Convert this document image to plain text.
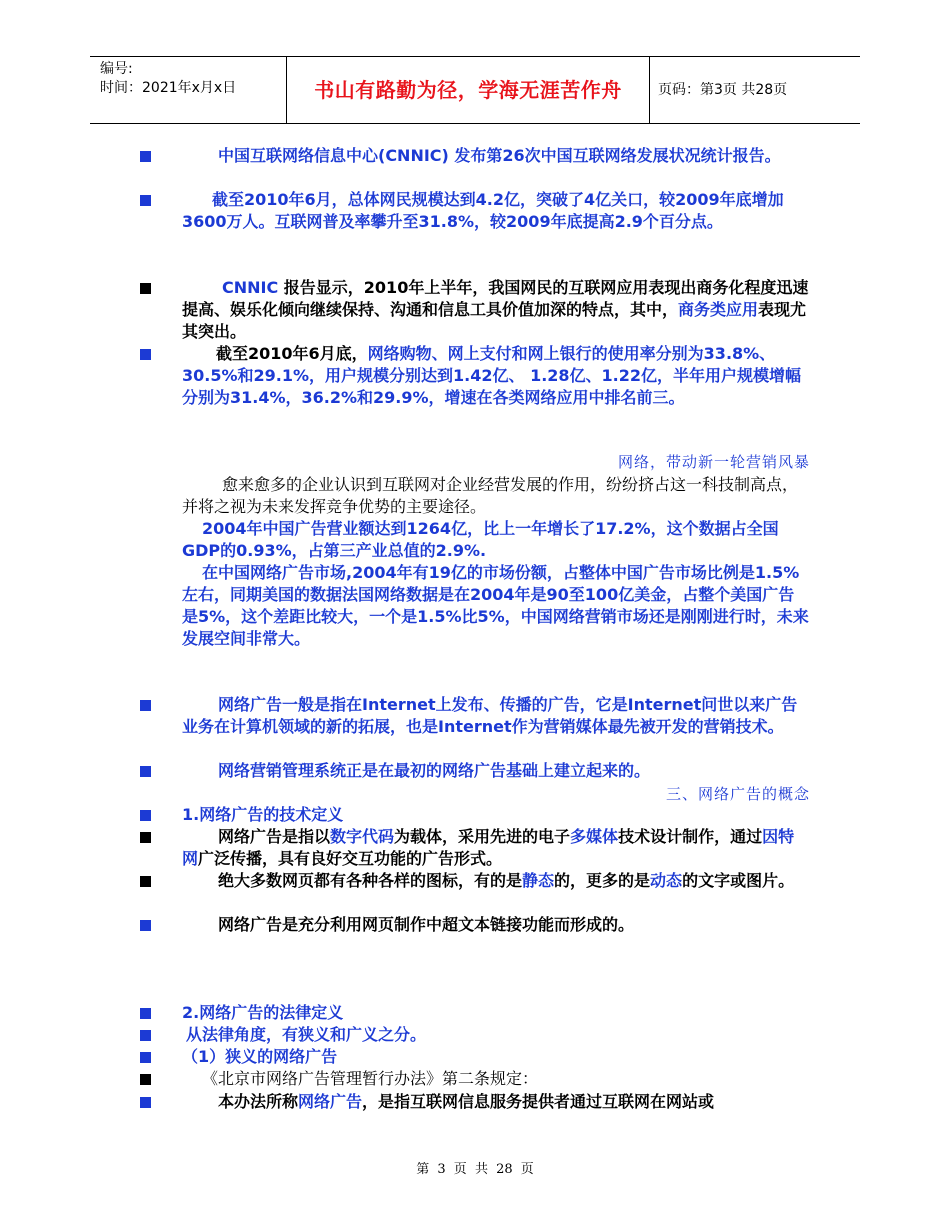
编号:
时间：2021年x月x日	书山有路勤为径，学海无涯苦作舟	页码：第3页 共28页
中国互联网络信息中心(CNNIC) 发布第26次中国互联网络发展状况统计报告。
截至2010年6月，总体网民规模达到4.2亿，突破了4亿关口，较2009年底增加3600万人。互联网普及率攀升至31.8%，较2009年底提高2.9个百分点。
CNNIC 报告显示，2010年上半年，我国网民的互联网应用表现出商务化程度迅速提高、娱乐化倾向继续保持、沟通和信息工具价值加深的特点，其中，商务类应用表现尤其突出。
截至2010年6月底，网络购物、网上支付和网上银行的使用率分别为33.8%、30.5%和29.1%，用户规模分别达到1.42亿、 1.28亿、1.22亿，半年用户规模增幅分别为31.4%，36.2%和29.9%，增速在各类网络应用中排名前三。
网络，带动新一轮营销风暴
愈来愈多的企业认识到互联网对企业经营发展的作用，纷纷挤占这一科技制高点，并将之视为未来发挥竞争优势的主要途径。
2004年中国广告营业额达到1264亿，比上一年增长了17.2%，这个数据占全国GDP的0.93%，占第三产业总值的2.9%.
在中国网络广告市场,2004年有19亿的市场份额，占整体中国广告市场比例是1.5%左右，同期美国的数据法国网络数据是在2004年是90至100亿美金，占整个美国广告是5%，这个差距比较大，一个是1.5%比5%，中国网络营销市场还是刚刚进行时，未来发展空间非常大。
网络广告一般是指在Internet上发布、传播的广告，它是Internet问世以来广告业务在计算机领域的新的拓展，也是Internet作为营销媒体最先被开发的营销技术。
网络营销管理系统正是在最初的网络广告基础上建立起来的。
三、网络广告的概念
1.网络广告的技术定义
网络广告是指以数字代码为载体，采用先进的电子多媒体技术设计制作，通过因特网广泛传播，具有良好交互功能的广告形式。
绝大多数网页都有各种各样的图标，有的是静态的，更多的是动态的文字或图片。
网络广告是充分利用网页制作中超文本链接功能而形成的。
2.网络广告的法律定义
从法律角度，有狭义和广义之分。
（1）狭义的网络广告
《北京市网络广告管理暂行办法》第二条规定：
本办法所称网络广告，是指互联网信息服务提供者通过互联网在网站或
第 3 页 共 28 页
